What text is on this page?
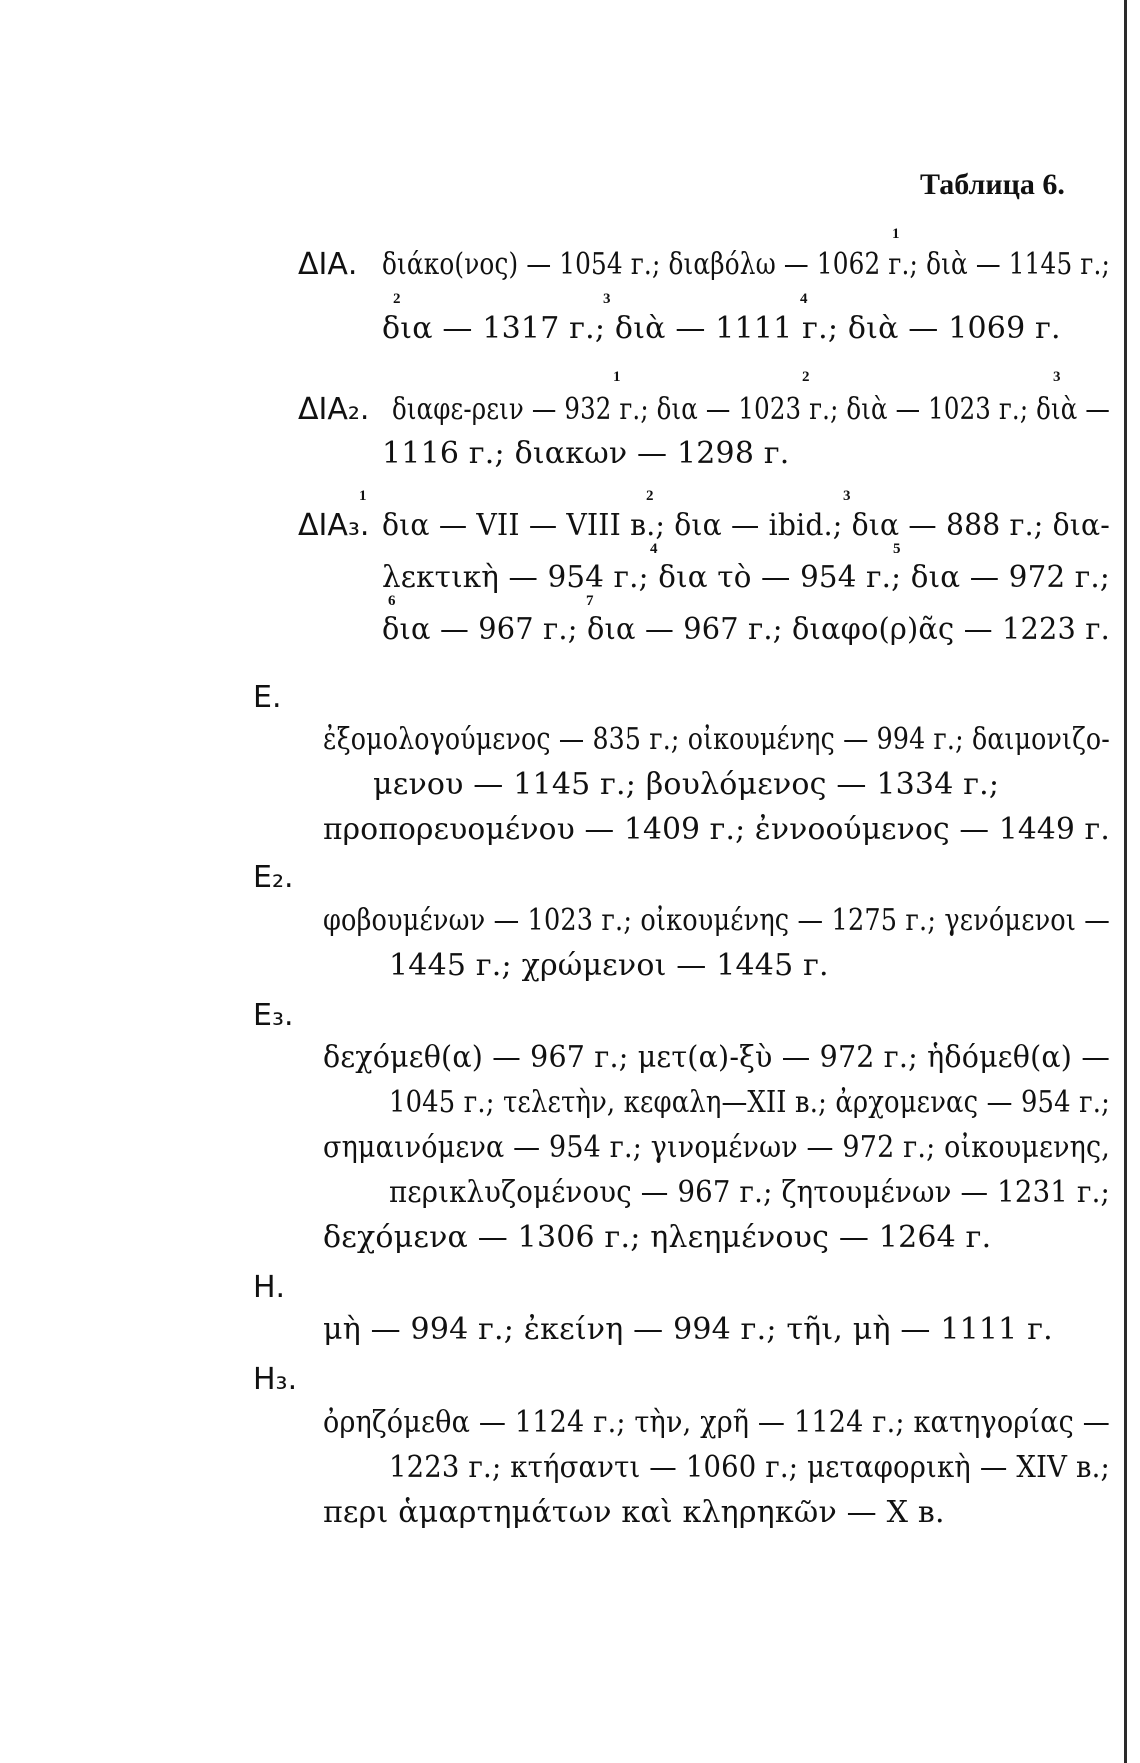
Таблица 6.
ΔΙΑ. διάκο(νος) — 1054 г.; διαβόλω — 1062 г.; διὰ — 1145 г.;
δια — 1317 г.; διὰ — 1111 г.; διὰ — 1069 г.
1
2	3	4
ΔΙΑ₂. διαφε-ρειν — 932 г.; δια — 1023 г.; διὰ — 1023 г.; διὰ —
1116 г.; διακων — 1298 г.
1	2	3
ΔΙΑ₃. δια — VII — VIII в.; δια — ibid.; δια — 888 г.; δια-
λεκτικὴ — 954 г.; δια τὸ — 954 г.; δια — 972 г.;
δια — 967 г.; δια — 967 г.; διαφο(ρ)ᾶς — 1223 г.
1	2	3
4	5
6	7
Ε.
ἐξομολογούμενος — 835 г.; οἰκουμένης — 994 г.; δαιμονιζο-
μενου — 1145 г.; βουλόμενος — 1334 г.;
προπορευομένου — 1409 г.; ἐννοούμενος — 1449 г.
Ε₂.
φοβουμένων — 1023 г.; οἰκουμένης — 1275 г.; γενόμενοι —
1445 г.; χρώμενοι — 1445 г.
Ε₃.
δεχόμεθ(α) — 967 г.; μετ(α)-ξὺ — 972 г.; ἡδόμεθ(α) —
1045 г.; τελετὴν, κεφαλη—XII в.; ἀρχομενας — 954 г.;
σημαινόμενα — 954 г.; γινομένων — 972 г.; οἰκουμενης,
περικλυζομένους — 967 г.; ζητουμένων — 1231 г.;
δεχόμενα — 1306 г.; ηλεημένους — 1264 г.
Η.
μὴ — 994 г.; ἐκείνη — 994 г.; τῆι, μὴ — 1111 г.
Η₃.
ὀρηζόμεθα — 1124 г.; τὴν, χρῆ — 1124 г.; κατηγορίας —
1223 г.; κτήσαντι — 1060 г.; μεταφορικὴ — XIV в.;
περι ἁμαρτημάτων καὶ κληρηκῶν — X в.
